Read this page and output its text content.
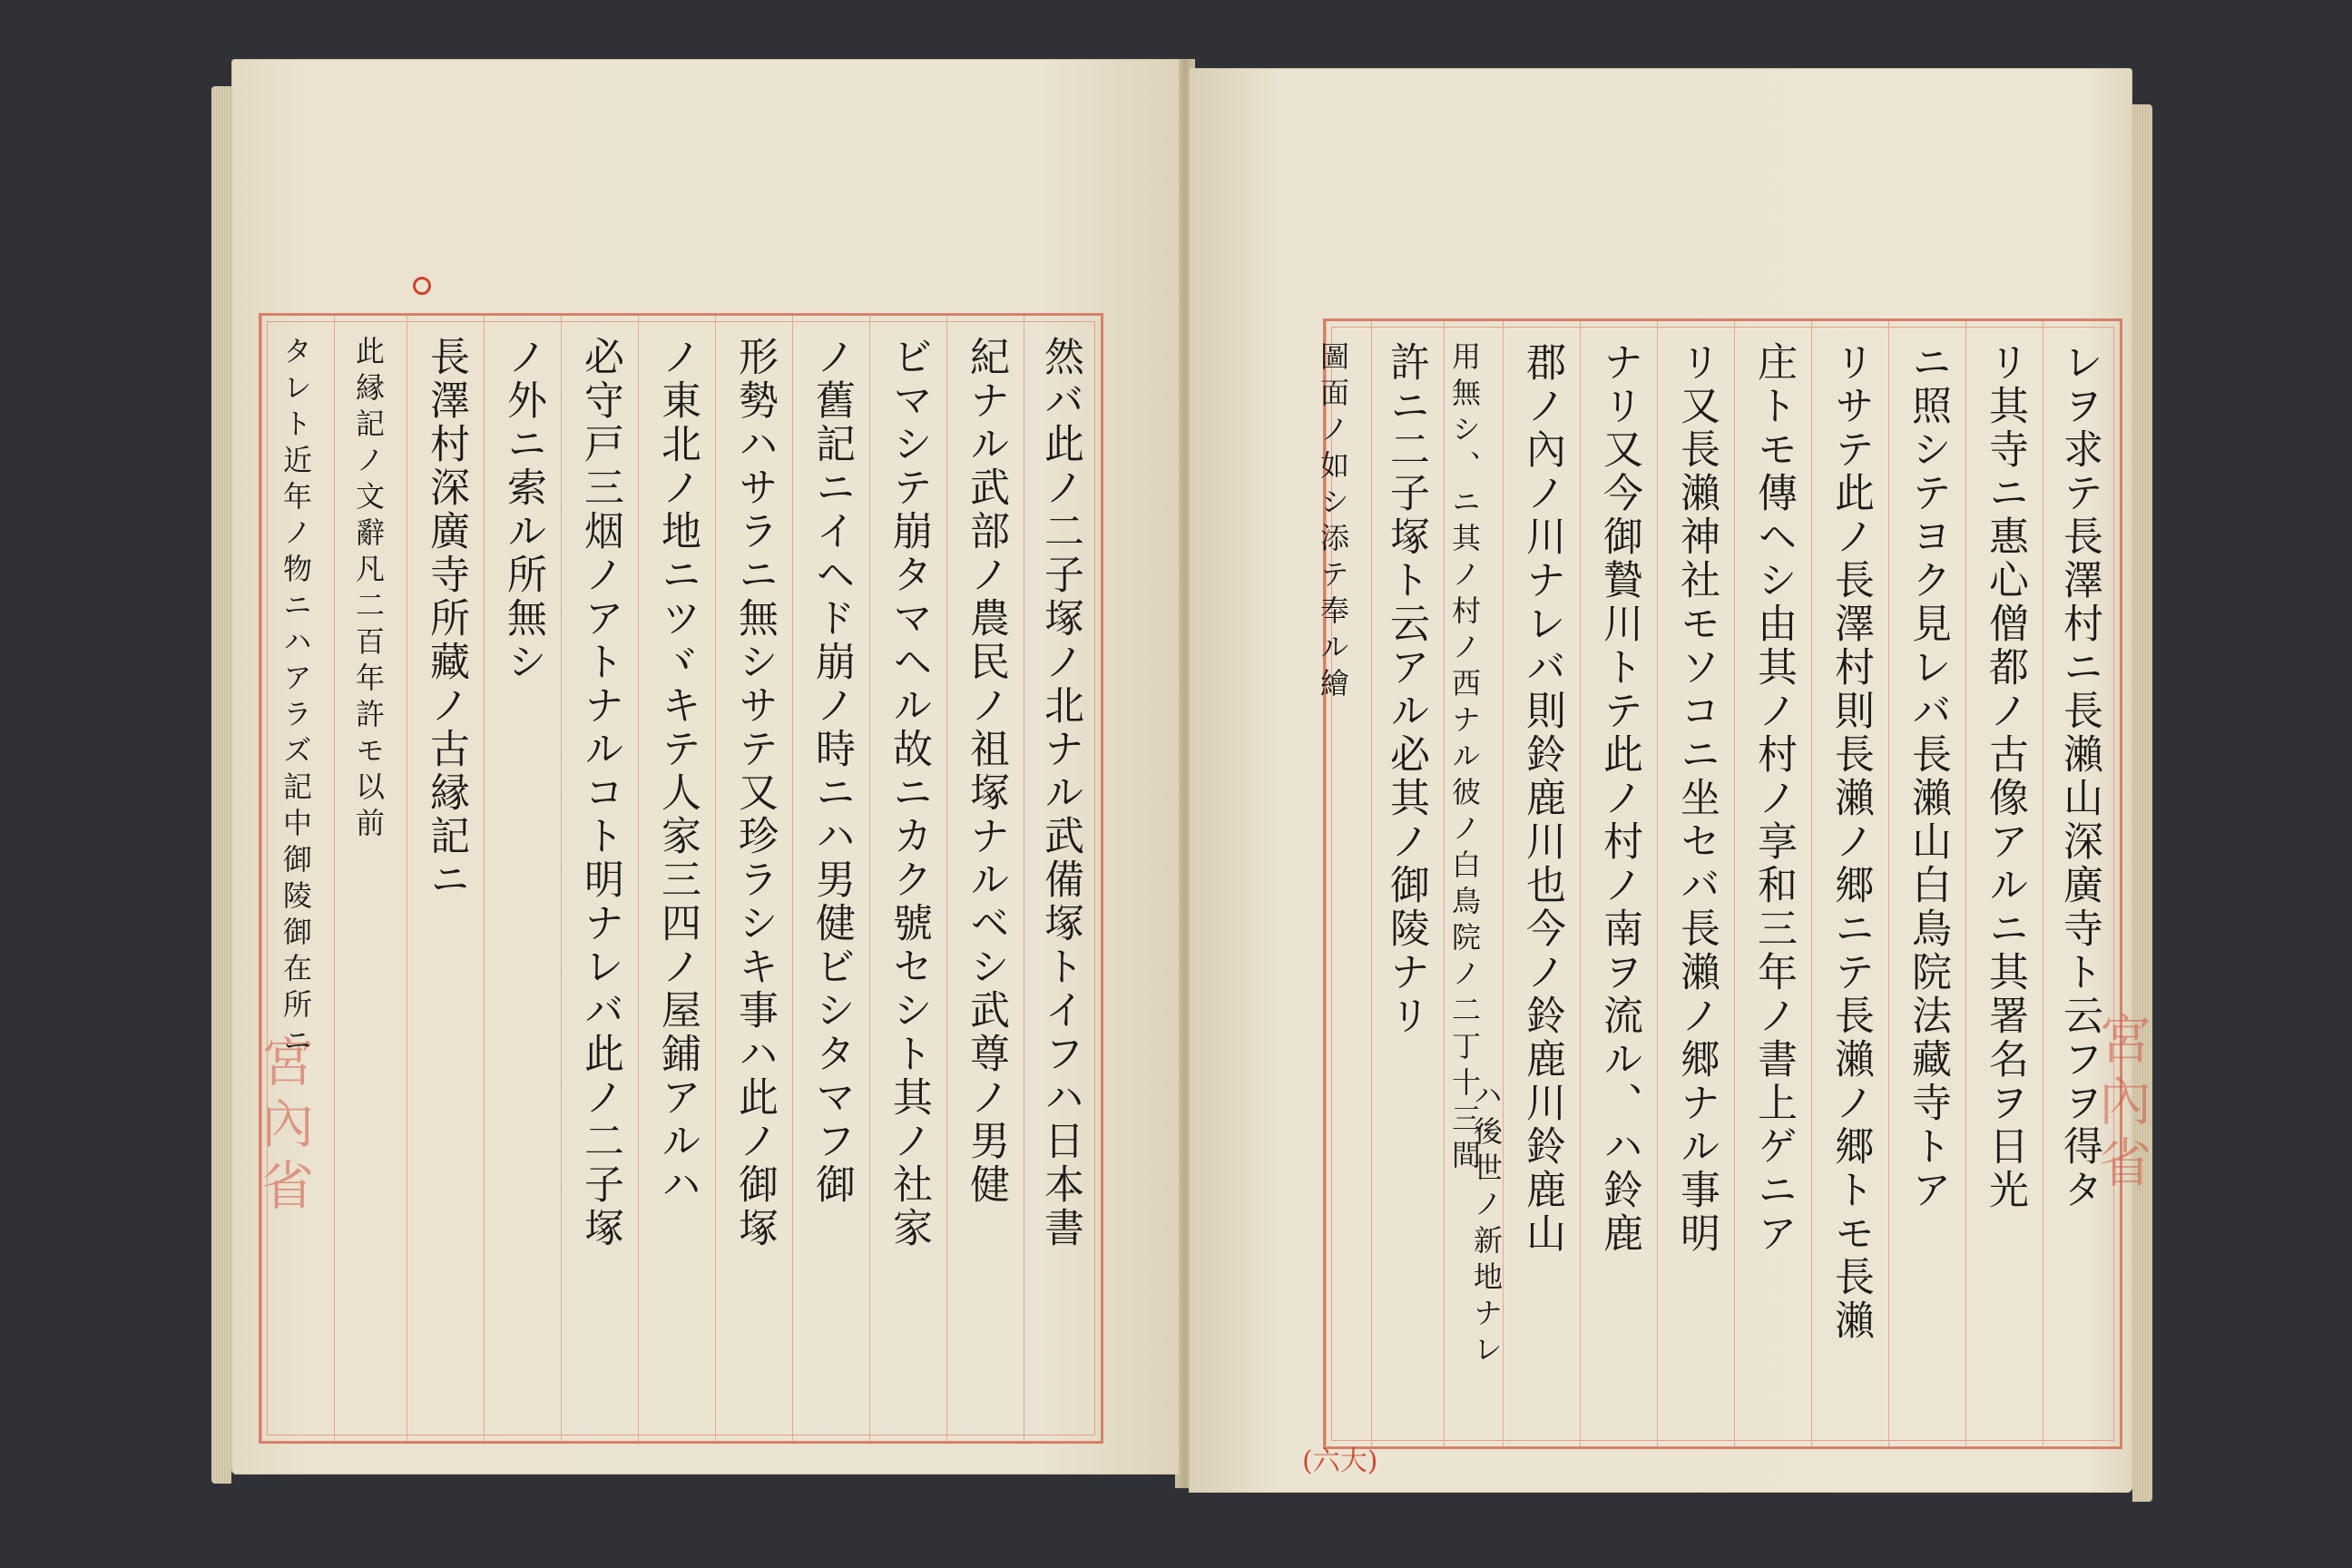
宮內省	然バ此ノ二子塚ノ北ナル武備塚トイフハ日本書
紀ナル武部ノ農民ノ祖塚ナルベシ武尊ノ男健
ビマシテ崩タマヘル故ニカク號セシト其ノ社家
ノ舊記ニイヘド崩ノ時ニハ男健ビシタマフ御
形勢ハサラニ無シサテ又珍ラシキ事ハ此ノ御塚
ノ東北ノ地ニツヾキテ人家三四ノ屋鋪アルハ
必守戸三烟ノアトナルコト明ナレバ此ノ二子塚
ノ外ニ索ル所無シ
長澤村深廣寺所藏ノ古縁記ニ
此縁記ノ文辭凡二百年許モ以前
タレト近年ノ物ニハアラズ記中御陵御在所ニ	レヲ求テ長澤村ニ長瀨山深廣寺ト云フヲ得タ
リ其寺ニ惠心僧都ノ古像アルニ其署名ヲ日光
ニ照シテヨク見レバ長瀨山白鳥院法藏寺トア
リサテ此ノ長澤村則長瀨ノ郷ニテ長瀨ノ郷トモ長瀨
庄トモ傳ヘシ由其ノ村ノ享和三年ノ書上ゲニア
リ又長瀨神社モソコニ坐セバ長瀨ノ郷ナル事明
ナリ又今御贄川トテ此ノ村ノ南ヲ流ル、ハ鈴鹿
郡ノ內ノ川ナレバ則鈴鹿川也今ノ鈴鹿川鈴鹿山
用無シ、ニ其ノ村ノ西ナル彼ノ白鳥院ノ二丁十三間
許ニ二子塚ト云アル必其ノ御陵ナリ
圖面ノ如シ添テ奉ル繪
宮內省
(六大)
